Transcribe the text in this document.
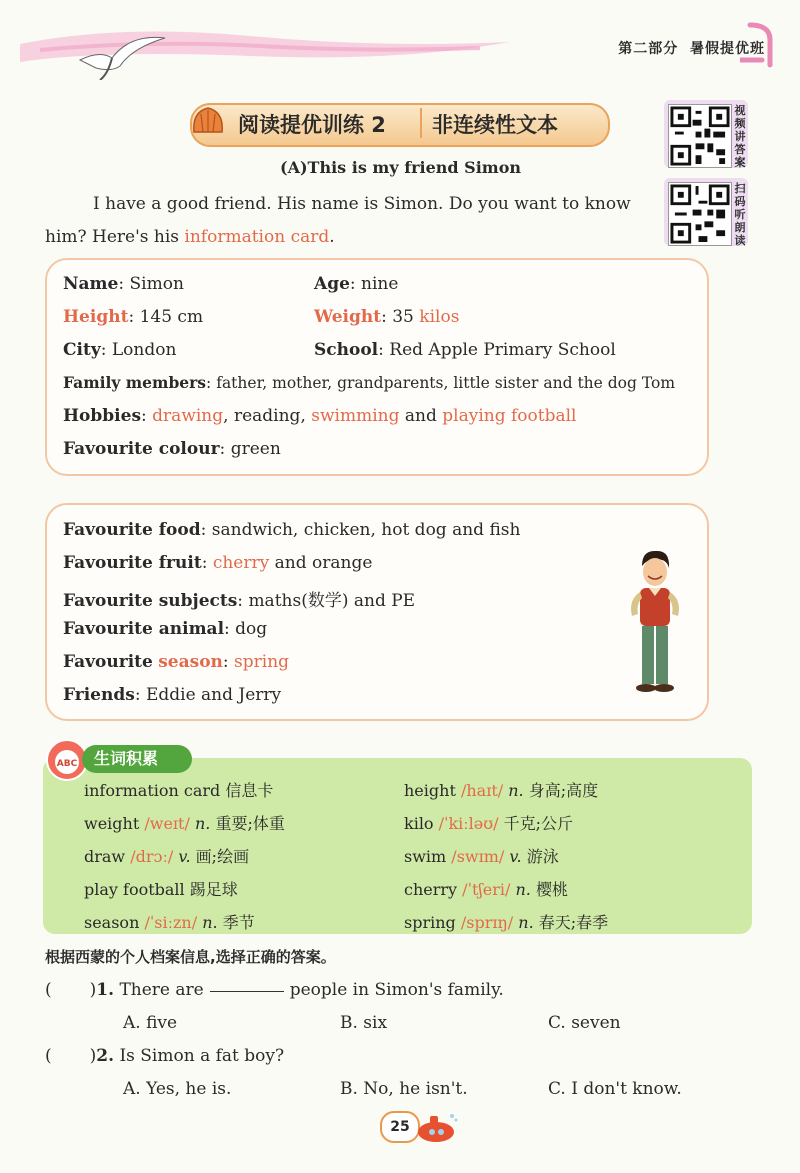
第二部分 暑假提优班
阅读提优训练 2 非连续性文本
视频讲答案
扫码听朗读
(A)This is my friend Simon
I have a good friend. His name is Simon. Do you want to know him? Here's his information card.
Name: Simon	Age: nine
Height: 145 cm	Weight: 35 kilos
City: London	School: Red Apple Primary School
Family members: father, mother, grandparents, little sister and the dog Tom
Hobbies: drawing, reading, swimming and playing football
Favourite colour: green
Favourite food: sandwich, chicken, hot dog and fish
Favourite fruit: cherry and orange
Favourite subjects: maths(数学) and PE
Favourite animal: dog
Favourite season: spring
Friends: Eddie and Jerry
ABC	生词积累
information card 信息卡	height /haɪt/ n. 身高;高度
weight /weɪt/ n. 重要;体重	kilo /ˈkiːləʊ/ 千克;公斤
draw /drɔː/ v. 画;绘画	swim /swɪm/ v. 游泳
play football 踢足球	cherry /ˈtʃeri/ n. 樱桃
season /ˈsiːzn/ n. 季节	spring /sprɪŋ/ n. 春天;春季
根据西蒙的个人档案信息,选择正确的答案。
( )1. There are	people in Simon's family.
A. five	B. six	C. seven
( )2. Is Simon a fat boy?
A. Yes, he is.	B. No, he isn't.	C. I don't know.
25
